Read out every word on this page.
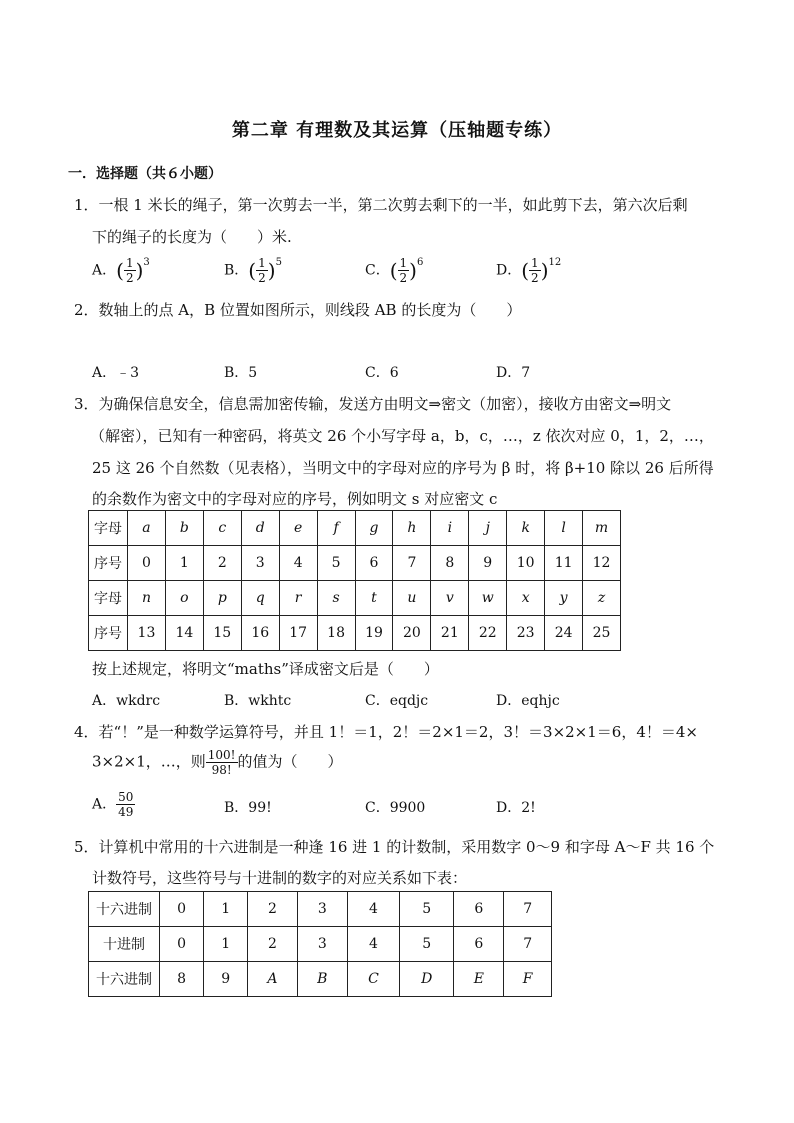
第二章 有理数及其运算（压轴题专练）
一．选择题（共６小题）
1．一根 1 米长的绳子，第一次剪去一半，第二次剪去剩下的一半，如此剪下去，第六次后剩
下的绳子的长度为（　　）米.
A．( $\frac{1}{2} )^3$
B．( $\frac{1}{2} )^5$
C．( $\frac{1}{2} )^6$
D．( $\frac{1}{2} )^{12}$
2．数轴上的点 A，B 位置如图所示，则线段 AB 的长度为（　　）
A．﹣3	B．5	C．6	D．7
3．为确保信息安全，信息需加密传输，发送方由明文⇒密文（加密），接收方由密文⇒明文
（解密），已知有一种密码，将英文 26 个小写字母 a，b，c，…，z 依次对应 0，1，2，…，
25 这 26 个自然数（见表格），当明文中的字母对应的序号为 β 时，将 β+10 除以 26 后所得
的余数作为密文中的字母对应的序号，例如明文 s 对应密文 c
字母	a	b	c	d	e	f	g	h	i	j	k	l	m
序号	0	1	2	3	4	5	6	7	8	9	10	11	12
字母	n	o	p	q	r	s	t	u	v	w	x	y	z
序号	13	14	15	16	17	18	19	20	21	22	23	24	25
按上述规定，将明文“maths”译成密文后是（　　）
A．wkdrc	B．wkhtc	C．eqdjc	D．eqhjc
4．若“！”是一种数学运算符号，并且 1！＝1，2！＝2×1＝2，3！＝3×2×1＝6，4！＝4×
3×2×1，…，则 $\frac{100!}{98!}$ 的值为（　　）
A． $\frac{50}{49}$	B．99!	C．9900	D．2!
5．计算机中常用的十六进制是一种逢 16 进 1 的计数制，采用数字 0～9 和字母 A～F 共 16 个
计数符号，这些符号与十进制的数字的对应关系如下表：
十六进制	0	1	2	3	4	5	6	7
十进制	0	1	2	3	4	5	6	7
十六进制	8	9	A	B	C	D	E	F
